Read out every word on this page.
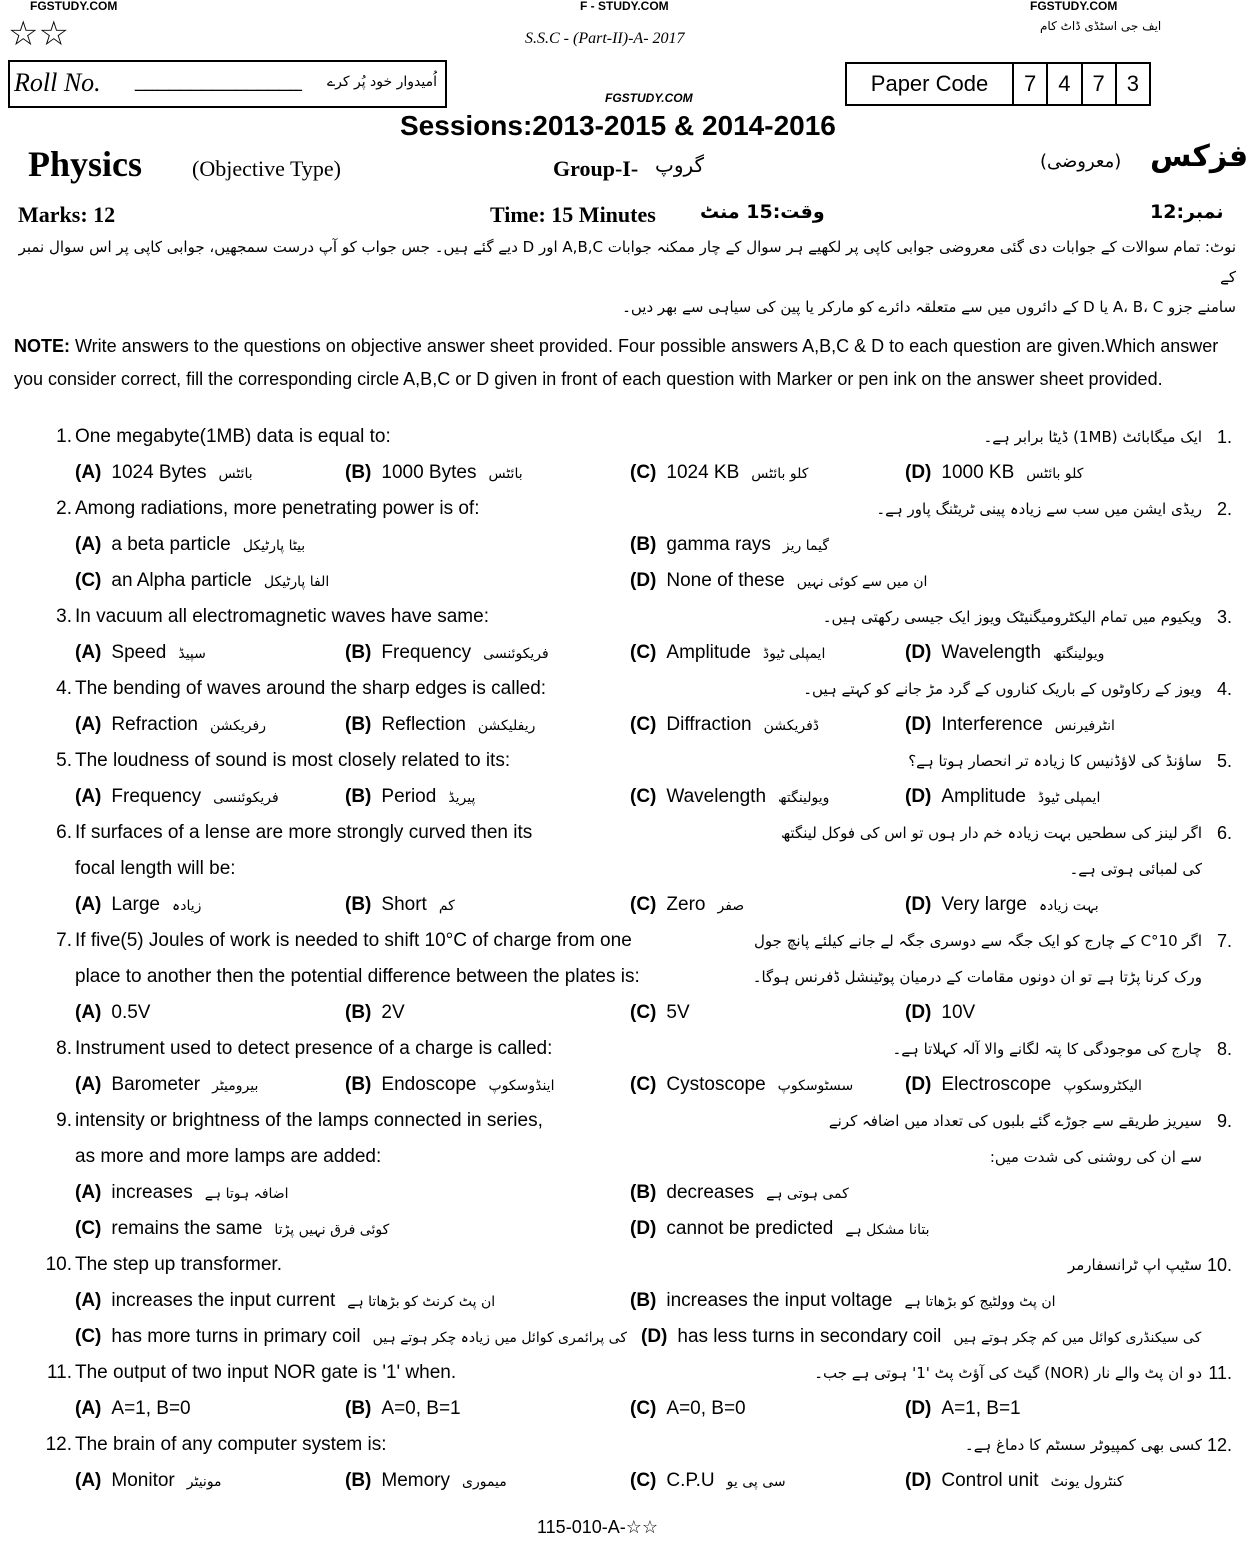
FGSTUDY.COM	F - STUDY.COM	FGSTUDY.COM
ایف جی اسٹڈی ڈاٹ کام
☆☆	S.S.C - (Part-II)-A- 2017
Roll No. _______________ اُمیدوار خود پُر کرے
FGSTUDY.COM
Paper Code	7	4	7	3
Sessions:2013-2015 & 2014-2016
Physics (Objective Type)	Group-I- گروپ	(معروضی) فزکس
Marks: 12	Time: 15 Minutes وقت:15 منٹ	نمبر:12

نوٹ: تمام سوالات کے جوابات دی گئی معروضی جوابی کاپی پر لکھیے ہر سوال کے چار ممکنہ جوابات A,B,C اور D دیے گئے ہیں۔ جس جواب کو آپ درست سمجھیں، جوابی کاپی پر اس سوال نمبر کے

سامنے جزو A، B، C یا D کے دائروں میں سے متعلقہ دائرے کو مارکر یا پین کی سیاہی سے بھر دیں۔

NOTE: Write answers to the questions on objective answer sheet provided. Four possible answers A,B,C & D to each question are given.Which answer you consider correct, fill the corresponding circle A,B,C or D given in front of each question with Marker or pen ink on the answer sheet provided.

1. One megabyte(1MB) data is equal to:	ایک میگابائٹ (1MB) ڈیٹا برابر ہے۔ 1.
(A) 1024 Bytes بائٹس	(B) 1000 Bytes بائٹس	(C) 1024 KB کلو بائٹس	(D) 1000 KB کلو بائٹس
2. Among radiations, more penetrating power is of:	ریڈی ایشن میں سب سے زیادہ پینی ٹریٹنگ پاور ہے۔ 2.
(A) a beta particle بیٹا پارٹیکل	(B) gamma rays گیما ریز
(C) an Alpha particle الفا پارٹیکل	(D) None of these ان میں سے کوئی نہیں
3. In vacuum all electromagnetic waves have same:	ویکیوم میں تمام الیکٹرومیگنیٹک ویوز ایک جیسی رکھتی ہیں۔ 3.
(A) Speed سپیڈ	(B) Frequency فریکوئنسی	(C) Amplitude ایمپلی ٹیوڈ	(D) Wavelength ویولینگتھ
4. The bending of waves around the sharp edges is called:	ویوز کے رکاوٹوں کے باریک کناروں کے گرد مڑ جانے کو کہتے ہیں۔ 4.
(A) Refraction رفریکشن	(B) Reflection ریفلیکشن	(C) Diffraction ڈفریکشن	(D) Interference انٹرفیرنس
5. The loudness of sound is most closely related to its:	ساؤنڈ کی لاؤڈنیس کا زیادہ تر انحصار ہوتا ہے؟ 5.
(A) Frequency فریکوئنسی	(B) Period پیریڈ	(C) Wavelength ویولینگتھ	(D) Amplitude ایمپلی ٹیوڈ
6. If surfaces of a lense are more strongly curved then its	اگر لینز کی سطحیں بہت زیادہ خم دار ہوں تو اس کی فوکل لینگتھ 6.
focal length will be:	کی لمبائی ہوتی ہے۔
(A) Large زیادہ	(B) Short کم	(C) Zero صفر	(D) Very large بہت زیادہ
7. If five(5) Joules of work is needed to shift 10°C of charge from one	اگر 10°C کے چارج کو ایک جگہ سے دوسری جگہ لے جانے کیلئے پانچ جول 7.
place to another then the potential difference between the plates is:	ورک کرنا پڑتا ہے تو ان دونوں مقامات کے درمیان پوٹینشل ڈفرنس ہوگا۔
(A) 0.5V	(B) 2V	(C) 5V	(D) 10V
8. Instrument used to detect presence of a charge is called:	چارج کی موجودگی کا پتہ لگانے والا آلہ کہلاتا ہے۔ 8.
(A) Barometer بیرومیٹر	(B) Endoscope اینڈوسکوپ	(C) Cystoscope سسٹوسکوپ	(D) Electroscope الیکٹروسکوپ
9. intensity or brightness of the lamps connected in series,	سیریز طریقے سے جوڑے گئے بلبوں کی تعداد میں اضافہ کرنے 9.
as more and more lamps are added:	سے ان کی روشنی کی شدت میں:
(A) increases اضافہ ہوتا ہے	(B) decreases کمی ہوتی ہے
(C) remains the same کوئی فرق نہیں پڑتا	(D) cannot be predicted بتانا مشکل ہے
10. The step up transformer.	سٹیپ اپ ٹرانسفارمر 10.
(A) increases the input current ان پٹ کرنٹ کو بڑھاتا ہے	(B) increases the input voltage ان پٹ وولٹیج کو بڑھاتا ہے
(C) has more turns in primary coil کی پرائمری کوائل میں زیادہ چکر ہوتے ہیں (D) has less turns in secondary coil کی سیکنڈری کوائل میں کم چکر ہوتے ہیں
11. The output of two input NOR gate is '1' when.	دو ان پٹ والے نار (NOR) گیٹ کی آؤٹ پٹ '1' ہوتی ہے جب۔ 11.
(A) A=1, B=0	(B) A=0, B=1	(C) A=0, B=0	(D) A=1, B=1
12. The brain of any computer system is:	کسی بھی کمپیوٹر سسٹم کا دماغ ہے۔ 12.
(A) Monitor مونیٹر	(B) Memory میموری	(C) C.P.U سی پی یو	(D) Control unit کنٹرول یونٹ
115-010-A-☆☆
